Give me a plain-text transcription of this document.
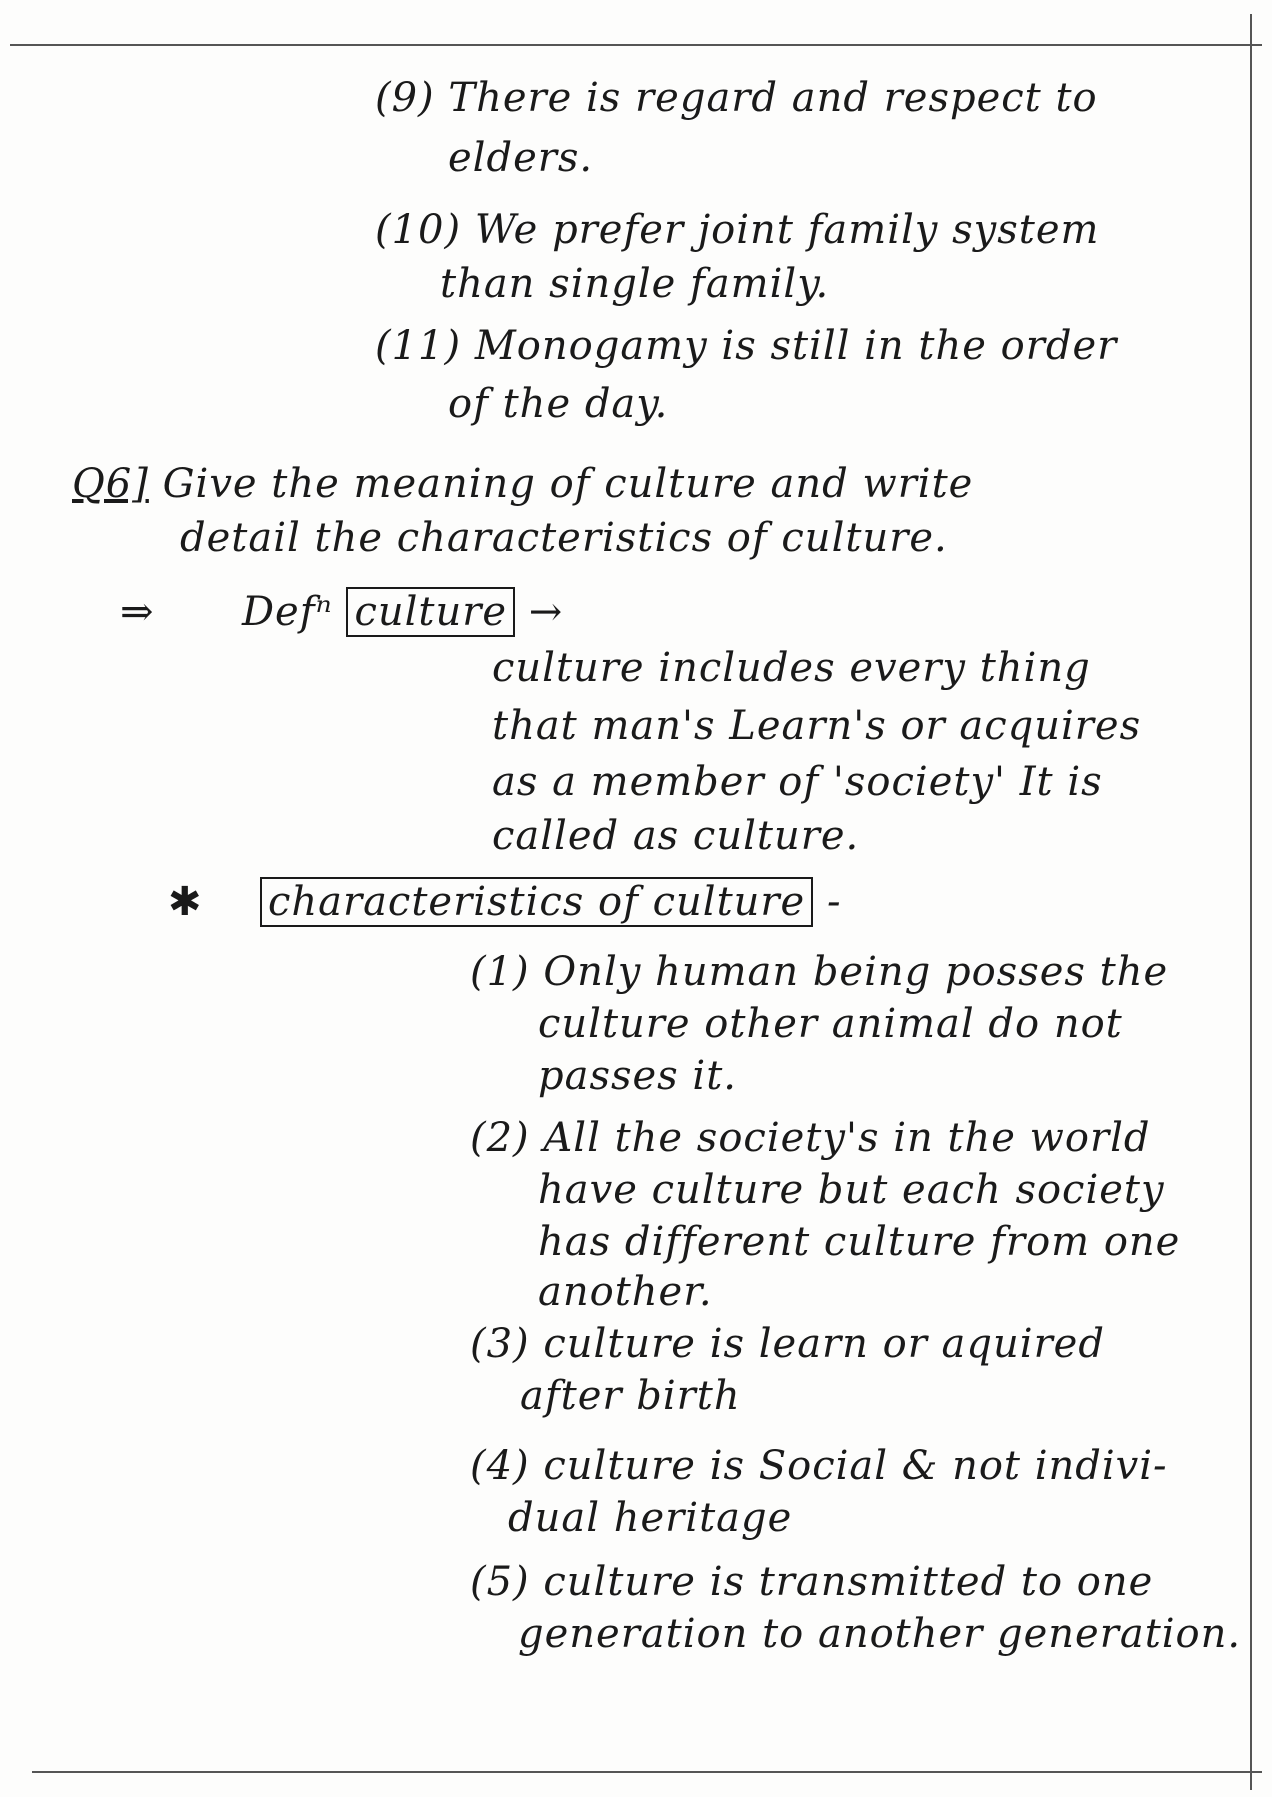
(9) There is regard and respect to
elders.
(10) We prefer joint family system
than single family.
(11) Monogamy is still in the order
of the day.
Q6] Give the meaning of culture and write
detail the characteristics of culture.
⇒ Defⁿ culture →
culture includes every thing
that man's Learn's or acquires
as a member of 'society' It is
called as culture.
✱ characteristics of culture -
(1) Only human being posses the
culture other animal do not
passes it.
(2) All the society's in the world
have culture but each society
has different culture from one
another.
(3) culture is learn or aquired
after birth
(4) culture is Social & not indivi-
dual heritage
(5) culture is transmitted to one
generation to another generation.
